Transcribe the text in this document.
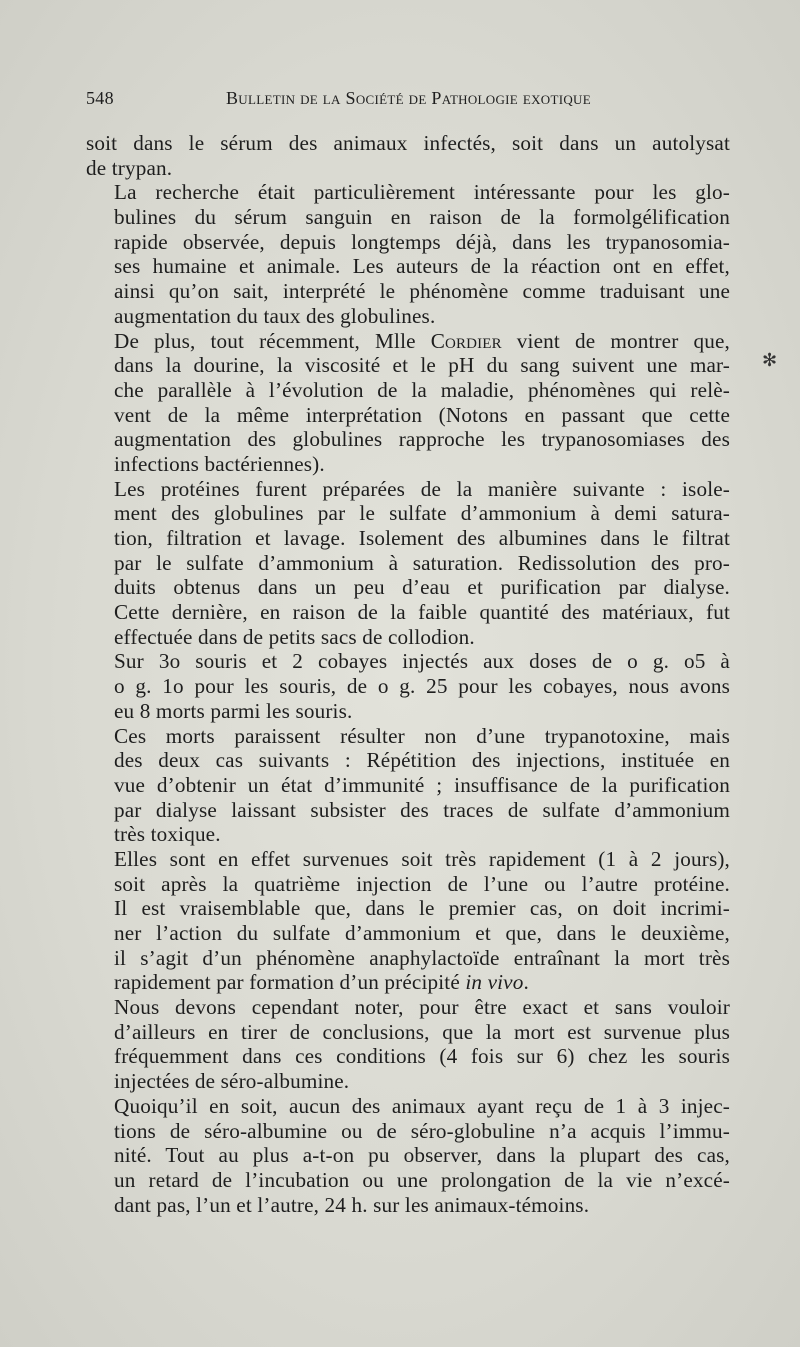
548	Bulletin de la Société de Pathologie exotique
soit dans le sérum des animaux infectés, soit dans un autolysat
de trypan.
La recherche était particulièrement intéressante pour les glo-
bulines du sérum sanguin en raison de la formolgélification
rapide observée, depuis longtemps déjà, dans les trypanosomia-
ses humaine et animale. Les auteurs de la réaction ont en effet,
ainsi qu’on sait, interprété le phénomène comme traduisant une
augmentation du taux des globulines.
De plus, tout récemment, Mlle Cordier vient de montrer que,
dans la dourine, la viscosité et le pH du sang suivent une mar-
che parallèle à l’évolution de la maladie, phénomènes qui relè-
vent de la même interprétation (Notons en passant que cette
augmentation des globulines rapproche les trypanosomiases des
infections bactériennes).
Les protéines furent préparées de la manière suivante : isole-
ment des globulines par le sulfate d’ammonium à demi satura-
tion, filtration et lavage. Isolement des albumines dans le filtrat
par le sulfate d’ammonium à saturation. Redissolution des pro-
duits obtenus dans un peu d’eau et purification par dialyse.
Cette dernière, en raison de la faible quantité des matériaux, fut
effectuée dans de petits sacs de collodion.
Sur 3o souris et 2 cobayes injectés aux doses de o g. o5 à
o g. 1o pour les souris, de o g. 25 pour les cobayes, nous avons
eu 8 morts parmi les souris.
Ces morts paraissent résulter non d’une trypanotoxine, mais
des deux cas suivants : Répétition des injections, instituée en
vue d’obtenir un état d’immunité ; insuffisance de la purification
par dialyse laissant subsister des traces de sulfate d’ammonium
très toxique.
Elles sont en effet survenues soit très rapidement (1 à 2 jours),
soit après la quatrième injection de l’une ou l’autre protéine.
Il est vraisemblable que, dans le premier cas, on doit incrimi-
ner l’action du sulfate d’ammonium et que, dans le deuxième,
il s’agit d’un phénomène anaphylactoïde entraînant la mort très
rapidement par formation d’un précipité in vivo.
Nous devons cependant noter, pour être exact et sans vouloir
d’ailleurs en tirer de conclusions, que la mort est survenue plus
fréquemment dans ces conditions (4 fois sur 6) chez les souris
injectées de séro-albumine.
Quoiqu’il en soit, aucun des animaux ayant reçu de 1 à 3 injec-
tions de séro-albumine ou de séro-globuline n’a acquis l’immu-
nité. Tout au plus a-t-on pu observer, dans la plupart des cas,
un retard de l’incubation ou une prolongation de la vie n’excé-
dant pas, l’un et l’autre, 24 h. sur les animaux-témoins.
✻
